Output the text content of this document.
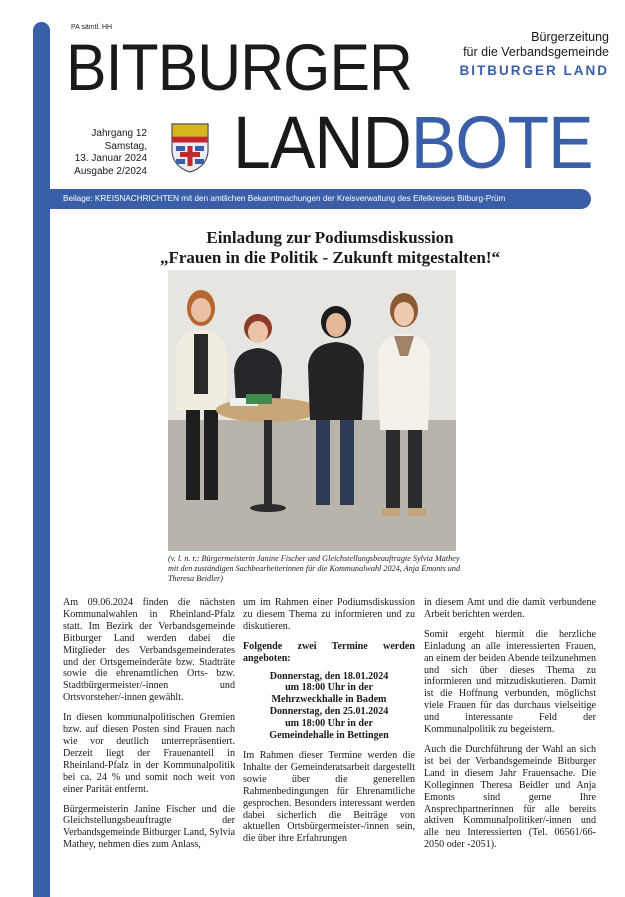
PA sämtl. HH
BITBURGER	Bürgerzeitung
für die Verbandsgemeinde
BITBURGER LAND
Jahrgang 12
Samstag,
13. Januar 2024
Ausgabe 2/2024 LANDBOTE
Beilage: KREISNACHRICHTEN mit den amtlichen Bekanntmachungen der Kreisverwaltung des Eifelkreises Bitburg-Prüm
Einladung zur Podiumsdiskussion
„Frauen in die Politik - Zukunft mitgestalten!“
(v. l. n. r.: Bürgermeisterin Janine Fischer und Gleichstellungsbeauftragte Sylvia Mathey mit den zuständigen Sachbearbeiterinnen für die Kommunalwahl 2024, Anja Emonts und Theresa Beidler)

Am 09.06.2024 finden die nächsten Kommunalwahlen in Rheinland-Pfalz statt. Im Bezirk der Verbandsgemeinde Bitburger Land werden dabei die Mitglieder des Verbandsgemeinderates und der Ortsgemeinderäte bzw. Stadträte sowie die ehrenamtlichen Orts- bzw. Stadtbürgermeister/-innen und Ortsvorsteher/-innen gewählt.

In diesen kommunalpolitischen Gremien bzw. auf diesen Posten sind Frauen nach wie vor deutlich unterrepräsentiert. Derzeit liegt der Frauenanteil in Rheinland-Pfalz in der Kommunalpolitik bei ca. 24 % und somit noch weit von einer Parität entfernt.

Bürgermeisterin Janine Fischer und die Gleichstellungsbeauftragte der Verbandsgemeinde Bitburger Land, Sylvia Mathey, nehmen dies zum Anlass,

um im Rahmen einer Podiumsdiskussion zu diesem Thema zu informieren und zu diskutieren.

Folgende zwei Termine werden angeboten:

Donnerstag, den 18.01.2024
um 18:00 Uhr in der
Mehrzweckhalle in Badem
Donnerstag, den 25.01.2024
um 18:00 Uhr in der
Gemeindehalle in Bettingen

Im Rahmen dieser Termine werden die Inhalte der Gemeinderatsarbeit dargestellt sowie über die generellen Rahmenbedingungen für Ehrenamtliche gesprochen. Besonders interessant werden dabei sicherlich die Beiträge von aktuellen Ortsbürgermeister-/innen sein, die über ihre Erfahrungen

in diesem Amt und die damit verbundene Arbeit berichten werden.

Somit ergeht hiermit die herzliche Einladung an alle interessierten Frauen, an einem der beiden Abende teilzunehmen und sich über dieses Thema zu informieren und mitzudiskutieren. Damit ist die Hoffnung verbunden, möglichst viele Frauen für das durchaus vielseitige und interessante Feld der Kommunalpolitik zu begeistern.

Auch die Durchführung der Wahl an sich ist bei der Verbandsgemeinde Bitburger Land in diesem Jahr Frauensache. Die Kolleginnen Theresa Beidler und Anja Emonts sind gerne Ihre Ansprechpartnerinnen für alle bereits aktiven Kommunalpolitiker/-innen und alle neu Interessierten (Tel. 06561/66-2050 oder -2051).
